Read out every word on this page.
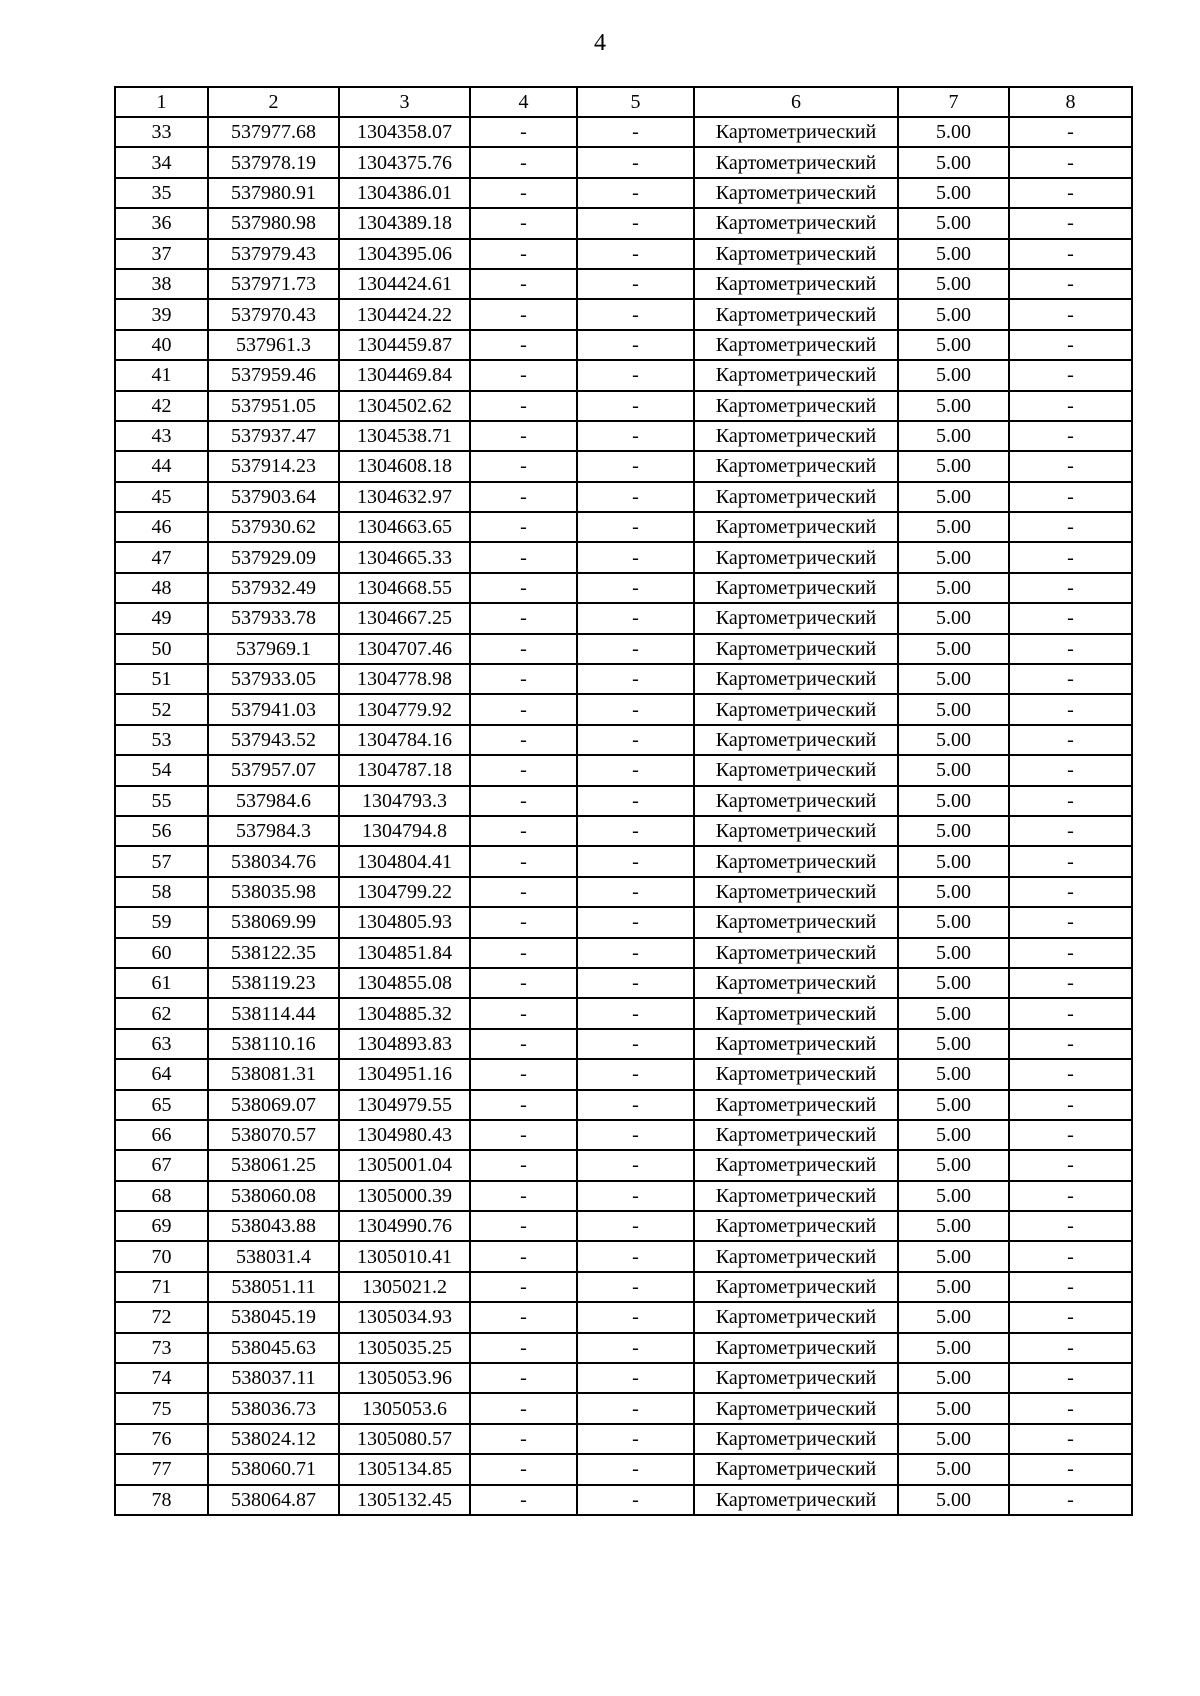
4
1	2	3	4	5	6	7	8
33	537977.68	1304358.07	-	-	Картометрический	5.00	-
34	537978.19	1304375.76	-	-	Картометрический	5.00	-
35	537980.91	1304386.01	-	-	Картометрический	5.00	-
36	537980.98	1304389.18	-	-	Картометрический	5.00	-
37	537979.43	1304395.06	-	-	Картометрический	5.00	-
38	537971.73	1304424.61	-	-	Картометрический	5.00	-
39	537970.43	1304424.22	-	-	Картометрический	5.00	-
40	537961.3	1304459.87	-	-	Картометрический	5.00	-
41	537959.46	1304469.84	-	-	Картометрический	5.00	-
42	537951.05	1304502.62	-	-	Картометрический	5.00	-
43	537937.47	1304538.71	-	-	Картометрический	5.00	-
44	537914.23	1304608.18	-	-	Картометрический	5.00	-
45	537903.64	1304632.97	-	-	Картометрический	5.00	-
46	537930.62	1304663.65	-	-	Картометрический	5.00	-
47	537929.09	1304665.33	-	-	Картометрический	5.00	-
48	537932.49	1304668.55	-	-	Картометрический	5.00	-
49	537933.78	1304667.25	-	-	Картометрический	5.00	-
50	537969.1	1304707.46	-	-	Картометрический	5.00	-
51	537933.05	1304778.98	-	-	Картометрический	5.00	-
52	537941.03	1304779.92	-	-	Картометрический	5.00	-
53	537943.52	1304784.16	-	-	Картометрический	5.00	-
54	537957.07	1304787.18	-	-	Картометрический	5.00	-
55	537984.6	1304793.3	-	-	Картометрический	5.00	-
56	537984.3	1304794.8	-	-	Картометрический	5.00	-
57	538034.76	1304804.41	-	-	Картометрический	5.00	-
58	538035.98	1304799.22	-	-	Картометрический	5.00	-
59	538069.99	1304805.93	-	-	Картометрический	5.00	-
60	538122.35	1304851.84	-	-	Картометрический	5.00	-
61	538119.23	1304855.08	-	-	Картометрический	5.00	-
62	538114.44	1304885.32	-	-	Картометрический	5.00	-
63	538110.16	1304893.83	-	-	Картометрический	5.00	-
64	538081.31	1304951.16	-	-	Картометрический	5.00	-
65	538069.07	1304979.55	-	-	Картометрический	5.00	-
66	538070.57	1304980.43	-	-	Картометрический	5.00	-
67	538061.25	1305001.04	-	-	Картометрический	5.00	-
68	538060.08	1305000.39	-	-	Картометрический	5.00	-
69	538043.88	1304990.76	-	-	Картометрический	5.00	-
70	538031.4	1305010.41	-	-	Картометрический	5.00	-
71	538051.11	1305021.2	-	-	Картометрический	5.00	-
72	538045.19	1305034.93	-	-	Картометрический	5.00	-
73	538045.63	1305035.25	-	-	Картометрический	5.00	-
74	538037.11	1305053.96	-	-	Картометрический	5.00	-
75	538036.73	1305053.6	-	-	Картометрический	5.00	-
76	538024.12	1305080.57	-	-	Картометрический	5.00	-
77	538060.71	1305134.85	-	-	Картометрический	5.00	-
78	538064.87	1305132.45	-	-	Картометрический	5.00	-
